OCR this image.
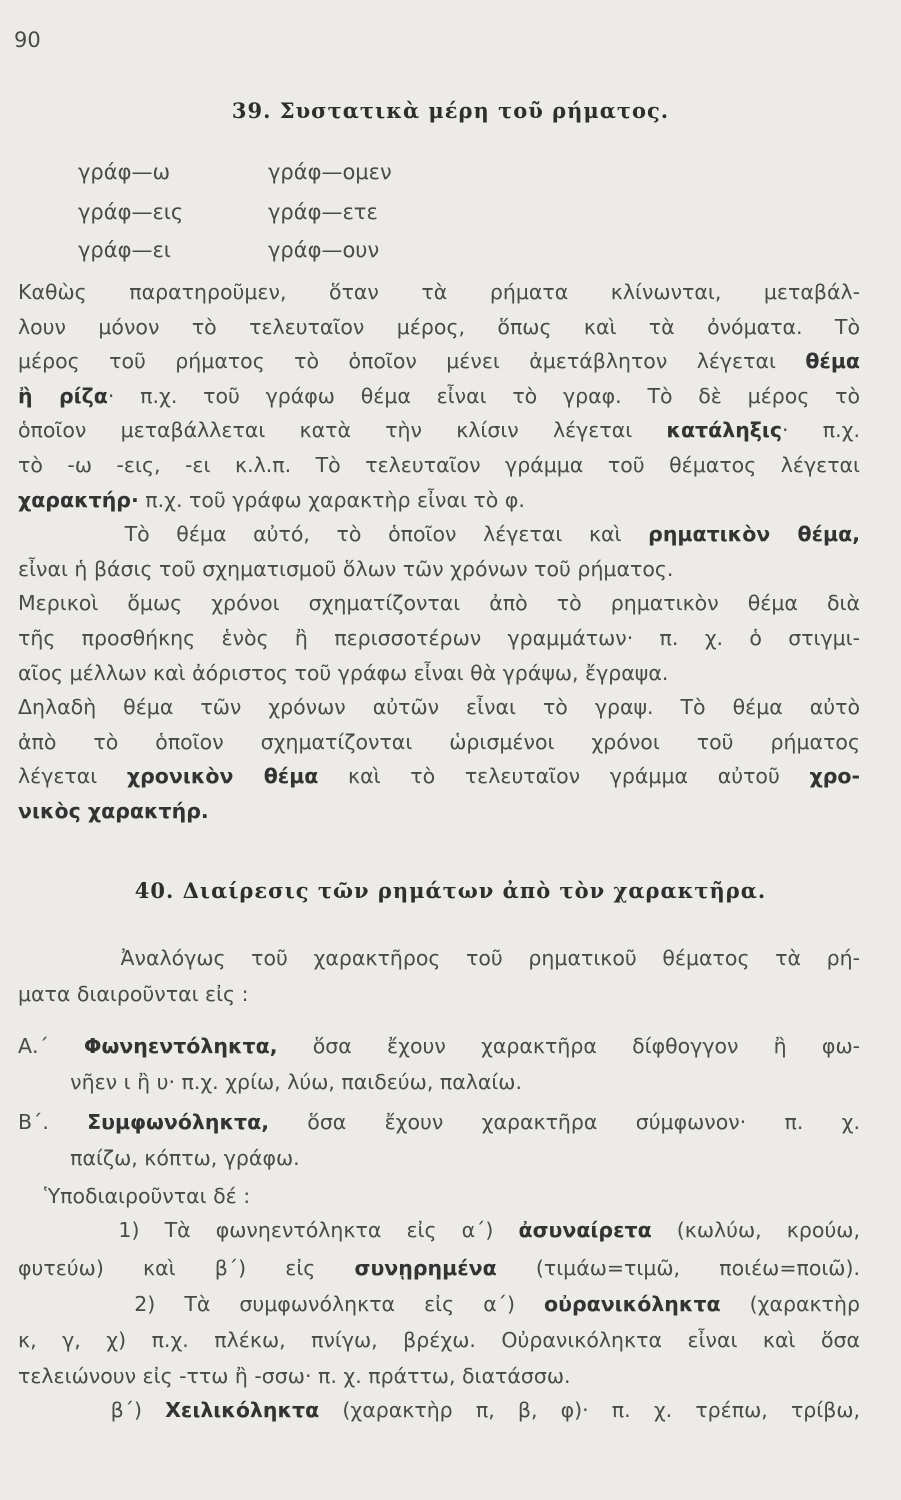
90
39. Συστατικὰ μέρη τοῦ ρήματος.
γράφ—ω	γράφ—ομεν
γράφ—εις	γράφ—ετε
γράφ—ει	γράφ—ουν
Καθὼς παρατηροῦμεν, ὅταν τὰ ρήματα κλίνωνται, μεταβάλ-
λουν μόνον τὸ τελευταῖον μέρος, ὅπως καὶ τὰ ὀνόματα. Τὸ
μέρος τοῦ ρήματος τὸ ὁποῖον μένει ἀμετάβλητον λέγεται θέμα
ἢ ρίζα· π.χ. τοῦ γράφω θέμα εἶναι τὸ γραφ. Τὸ δὲ μέρος τὸ
ὁποῖον μεταβάλλεται κατὰ τὴν κλίσιν λέγεται κατάληξις· π.χ.
τὸ -ω -εις, -ει κ.λ.π. Τὸ τελευταῖον γράμμα τοῦ θέματος λέγεται
χαρακτήρ· π.χ. τοῦ γράφω χαρακτὴρ εἶναι τὸ φ.
Τὸ θέμα αὐτό, τὸ ὁποῖον λέγεται καὶ ρηματικὸν θέμα,
εἶναι ἡ βάσις τοῦ σχηματισμοῦ ὅλων τῶν χρόνων τοῦ ρήματος.
Μερικοὶ ὅμως χρόνοι σχηματίζονται ἀπὸ τὸ ρηματικὸν θέμα διὰ
τῆς προσθήκης ἑνὸς ἢ περισσοτέρων γραμμάτων· π. χ. ὁ στιγμι-
αῖος μέλλων καὶ ἀόριστος τοῦ γράφω εἶναι θὰ γράψω, ἔγραψα.
Δηλαδὴ θέμα τῶν χρόνων αὐτῶν εἶναι τὸ γραψ. Τὸ θέμα αὐτὸ
ἀπὸ τὸ ὁποῖον σχηματίζονται ὡρισμένοι χρόνοι τοῦ ρήματος
λέγεται χρονικὸν θέμα καὶ τὸ τελευταῖον γράμμα αὐτοῦ χρο-
νικὸς χαρακτήρ.
40. Διαίρεσις τῶν ρημάτων ἀπὸ τὸν χαρακτῆρα.
Ἀναλόγως τοῦ χαρακτῆρος τοῦ ρηματικοῦ θέματος τὰ ρή-
ματα διαιροῦνται εἰς :
Α.΄ Φωνηεντόληκτα, ὅσα ἔχουν χαρακτῆρα δίφθογγον ἢ φω-
νῆεν ι ἢ υ· π.χ. χρίω, λύω, παιδεύω, παλαίω.
Β΄. Συμφωνόληκτα, ὅσα ἔχουν χαρακτῆρα σύμφωνον· π. χ.
παίζω, κόπτω, γράφω.
Ὑποδιαιροῦνται δέ :
1) Τὰ φωνηεντόληκτα εἰς α΄) ἀσυναίρετα (κωλύω, κρούω,
φυτεύω) καὶ β΄) εἰς συνῃρημένα (τιμάω=τιμῶ, ποιέω=ποιῶ).
2) Τὰ συμφωνόληκτα εἰς α΄) οὐρανικόληκτα (χαρακτὴρ
κ, γ, χ) π.χ. πλέκω, πνίγω, βρέχω. Οὐρανικόληκτα εἶναι καὶ ὅσα
τελειώνουν εἰς -ττω ἢ -σσω· π. χ. πράττω, διατάσσω.
β΄) Χειλικόληκτα (χαρακτὴρ π, β, φ)· π. χ. τρέπω, τρίβω,
